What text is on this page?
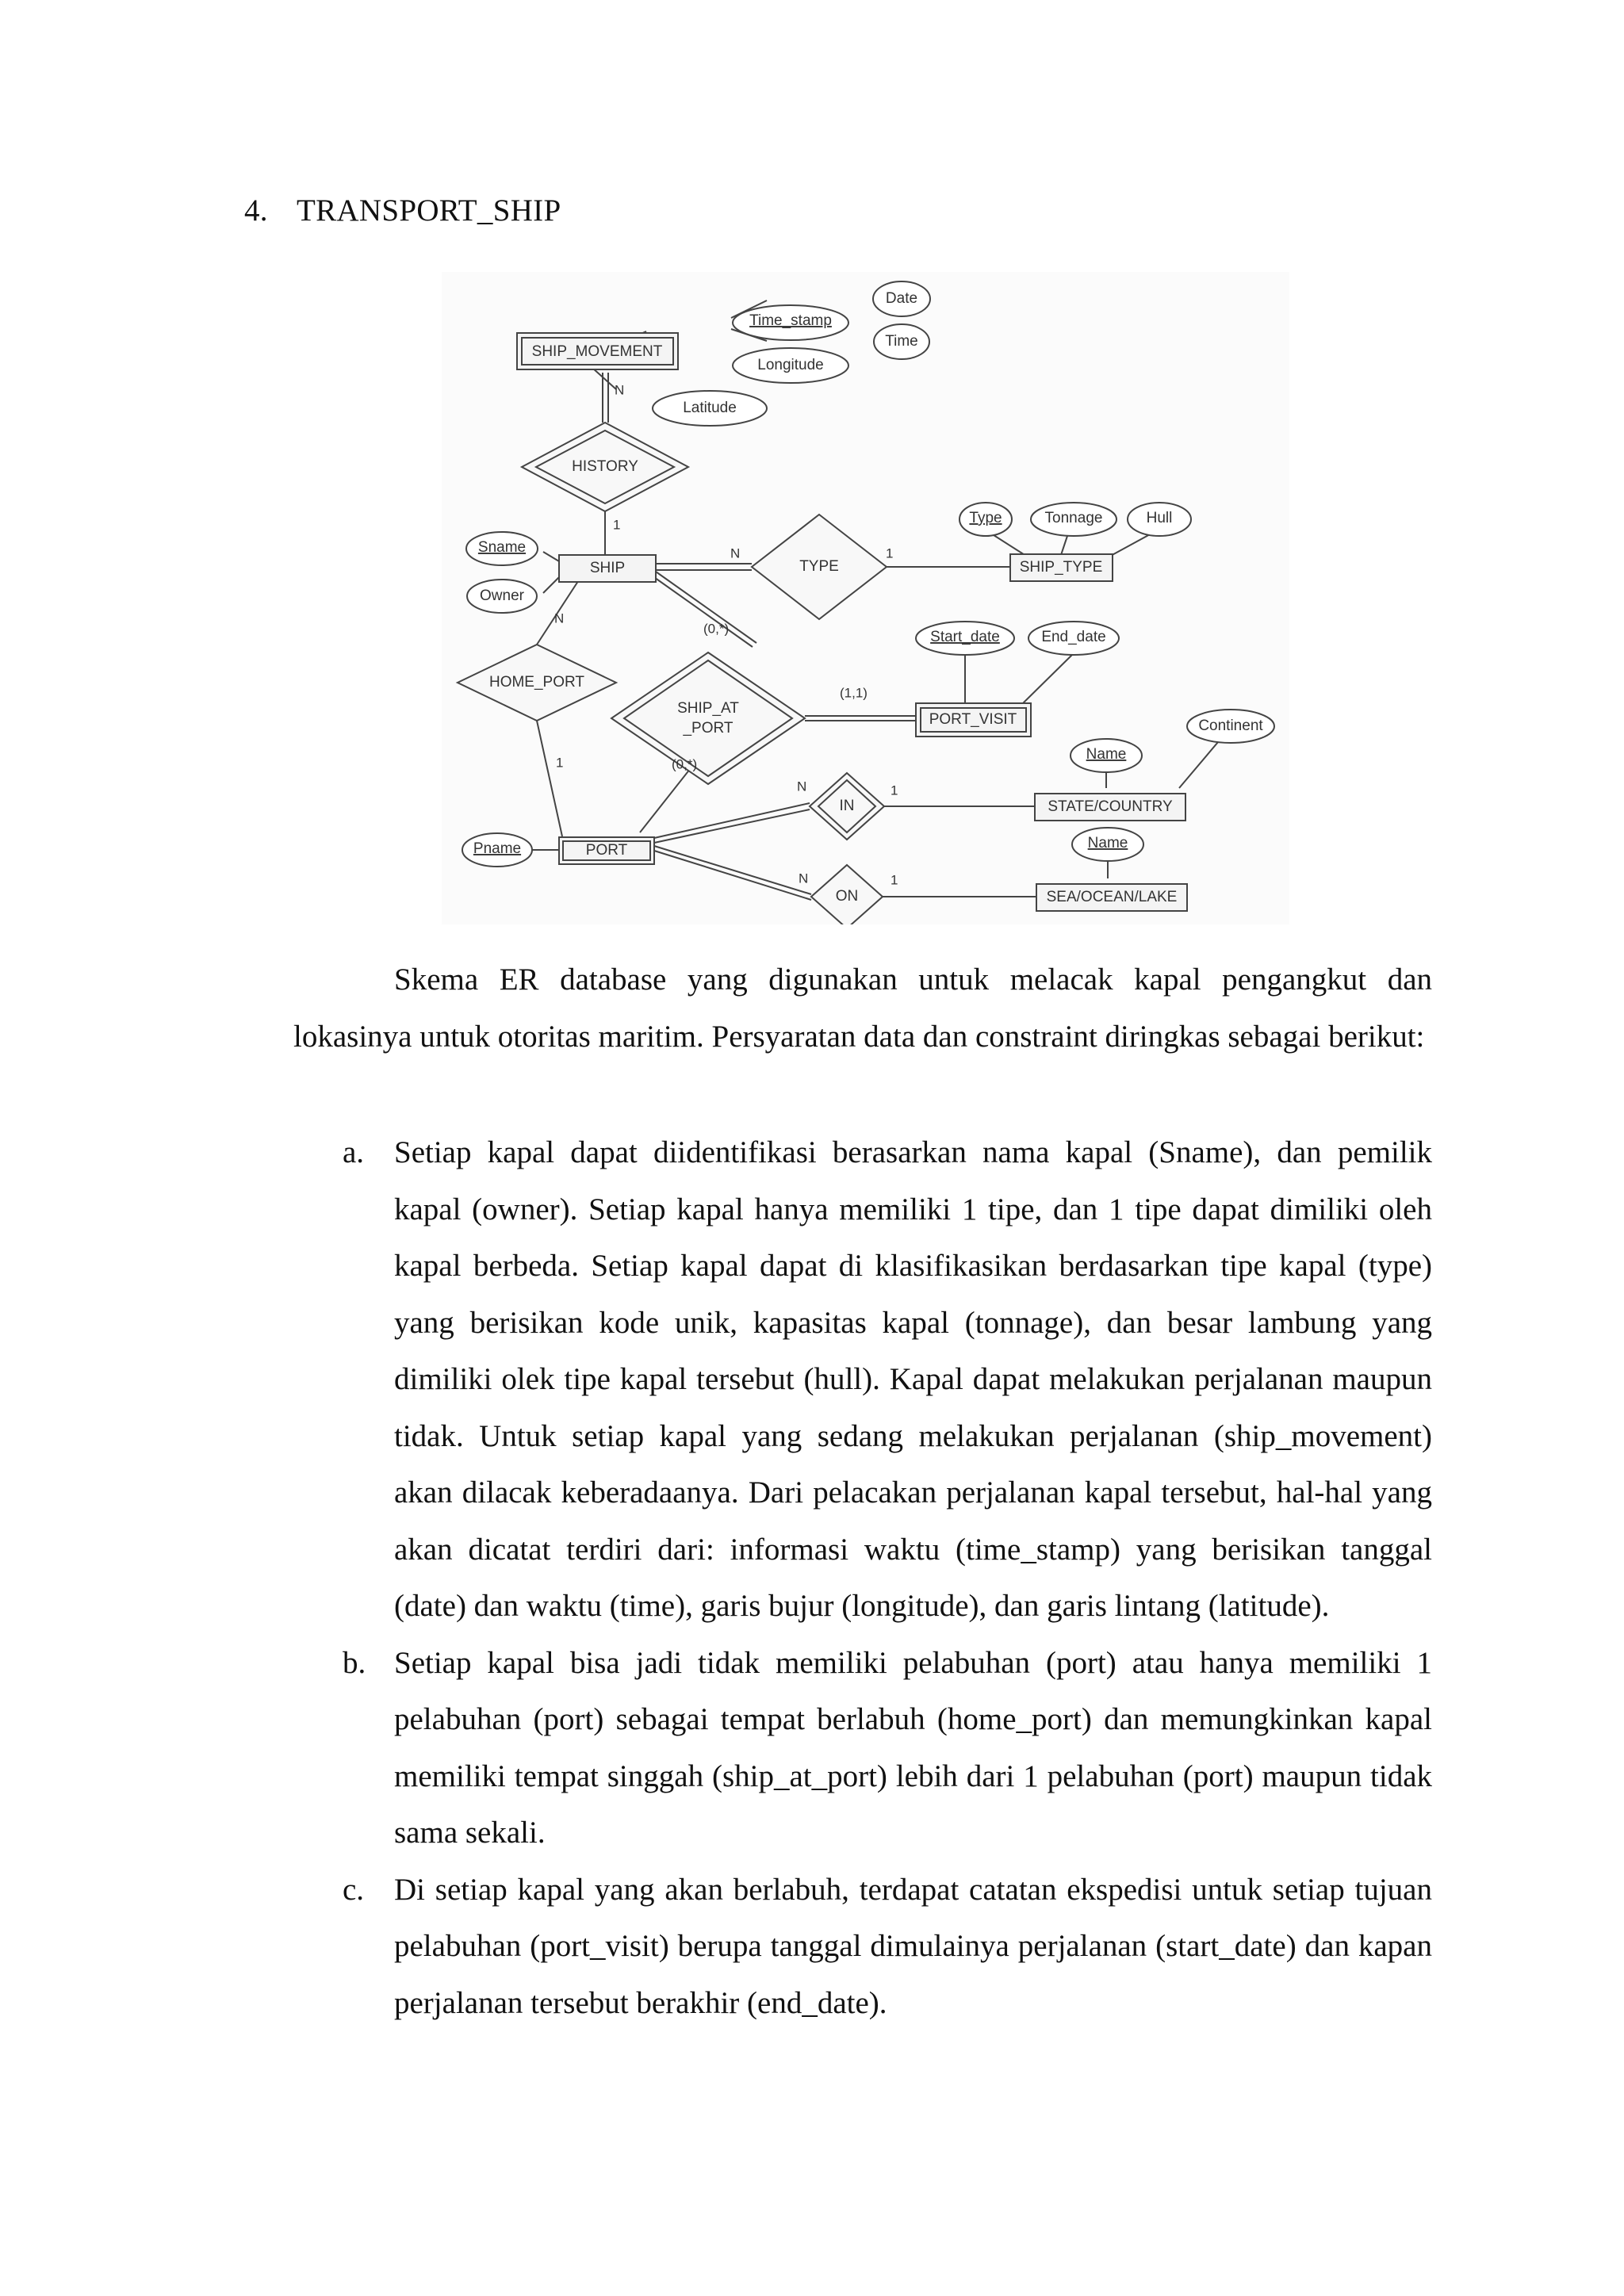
4. TRANSPORT_SHIP
Date
Time
Time_stamp
Longitude
Latitude
SHIP_MOVEMENT
HISTORY
Type	Tonnage	Hull
Sname
Owner
SHIP	TYPE	SHIP_TYPE
Start_date	End_date
HOME_PORT
SHIP_AT
_PORT
PORT_VISIT	Continent
Name
IN	STATE/COUNTRY
Name
Pname	PORT
ON	SEA/OCEAN/LAKE
N
1
N	1
N
1
(0,*)
(1,1)
(0,*)
N	1
N	1

Skema ER database yang digunakan untuk melacak kapal pengangkut dan lokasinya untuk otoritas maritim. Persyaratan data dan constraint diringkas sebagai berikut:

a. Setiap kapal dapat diidentifikasi berasarkan nama kapal (Sname), dan pemilik kapal (owner). Setiap kapal hanya memiliki 1 tipe, dan 1 tipe dapat dimiliki oleh kapal berbeda. Setiap kapal dapat di klasifikasikan berdasarkan tipe kapal (type) yang berisikan kode unik, kapasitas kapal (tonnage), dan besar lambung yang dimiliki olek tipe kapal tersebut (hull). Kapal dapat melakukan perjalanan maupun tidak. Untuk setiap kapal yang sedang melakukan perjalanan (ship_movement) akan dilacak keberadaanya. Dari pelacakan perjalanan kapal tersebut, hal-hal yang akan dicatat terdiri dari: informasi waktu (time_stamp) yang berisikan tanggal (date) dan waktu (time), garis bujur (longitude), dan garis lintang (latitude).
b. Setiap kapal bisa jadi tidak memiliki pelabuhan (port) atau hanya memiliki 1 pelabuhan (port) sebagai tempat berlabuh (home_port) dan memungkinkan kapal memiliki tempat singgah (ship_at_port) lebih dari 1 pelabuhan (port) maupun tidak sama sekali.
c. Di setiap kapal yang akan berlabuh, terdapat catatan ekspedisi untuk setiap tujuan pelabuhan (port_visit) berupa tanggal dimulainya perjalanan (start_date) dan kapan perjalanan tersebut berakhir (end_date).
